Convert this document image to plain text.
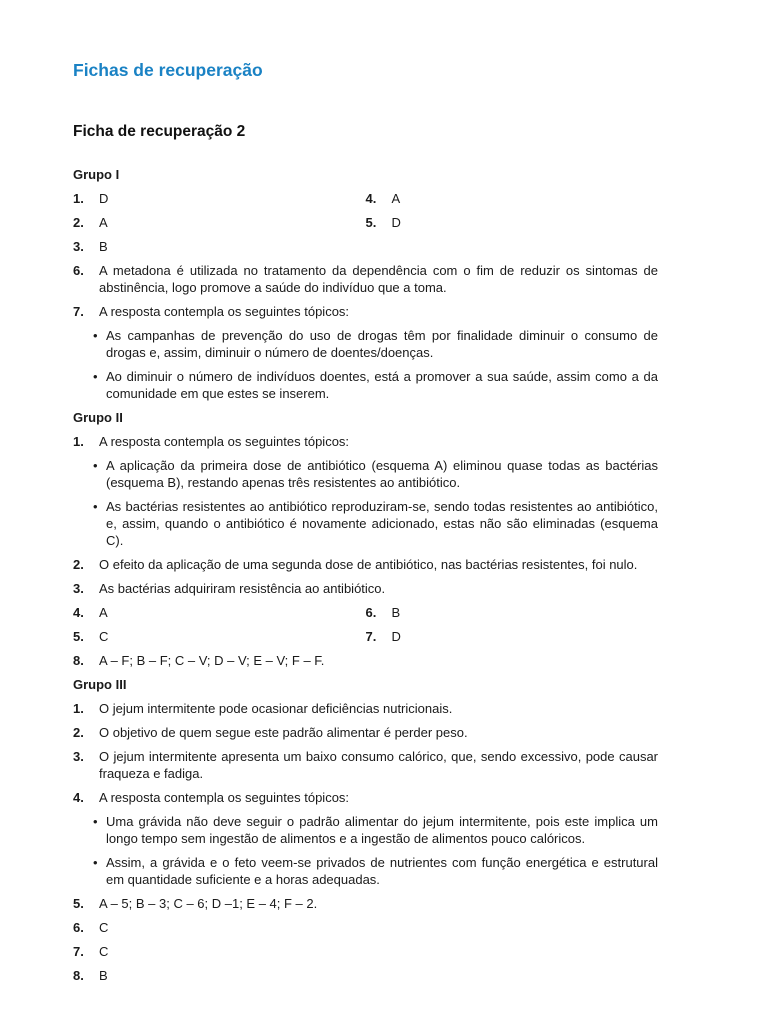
Fichas de recuperação
Ficha de recuperação 2
Grupo I
1.	D	4.	A
2.	A	5.	D
3.	B
6.	A metadona é utilizada no tratamento da dependência com o fim de reduzir os sintomas de abstinência, logo promove a saúde do indivíduo que a toma.
7.	A resposta contempla os seguintes tópicos:
• As campanhas de prevenção do uso de drogas têm por finalidade diminuir o consumo de drogas e, assim, diminuir o número de doentes/doenças.
• Ao diminuir o número de indivíduos doentes, está a promover a sua saúde, assim como a da comunidade em que estes se inserem.
Grupo II
1.	A resposta contempla os seguintes tópicos:
• A aplicação da primeira dose de antibiótico (esquema A) eliminou quase todas as bactérias (esquema B), restando apenas três resistentes ao antibiótico.
• As bactérias resistentes ao antibiótico reproduziram-se, sendo todas resistentes ao antibiótico, e, assim, quando o antibiótico é novamente adicionado, estas não são eliminadas (esquema C).
2.	O efeito da aplicação de uma segunda dose de antibiótico, nas bactérias resistentes, foi nulo.
3.	As bactérias adquiriram resistência ao antibiótico.
4.	A	6.	B
5.	C	7.	D
8.	A – F; B – F; C – V; D – V; E – V; F – F.
Grupo III
1.	O jejum intermitente pode ocasionar deficiências nutricionais.
2.	O objetivo de quem segue este padrão alimentar é perder peso.
3.	O jejum intermitente apresenta um baixo consumo calórico, que, sendo excessivo, pode causar fraqueza e fadiga.
4.	A resposta contempla os seguintes tópicos:
• Uma grávida não deve seguir o padrão alimentar do jejum intermitente, pois este implica um longo tempo sem ingestão de alimentos e a ingestão de alimentos pouco calóricos.
• Assim, a grávida e o feto veem-se privados de nutrientes com função energética e estrutural em quantidade suficiente e a horas adequadas.
5.	A – 5; B – 3; C – 6; D –1; E – 4; F – 2.
6.	C
7.	C
8.	B
